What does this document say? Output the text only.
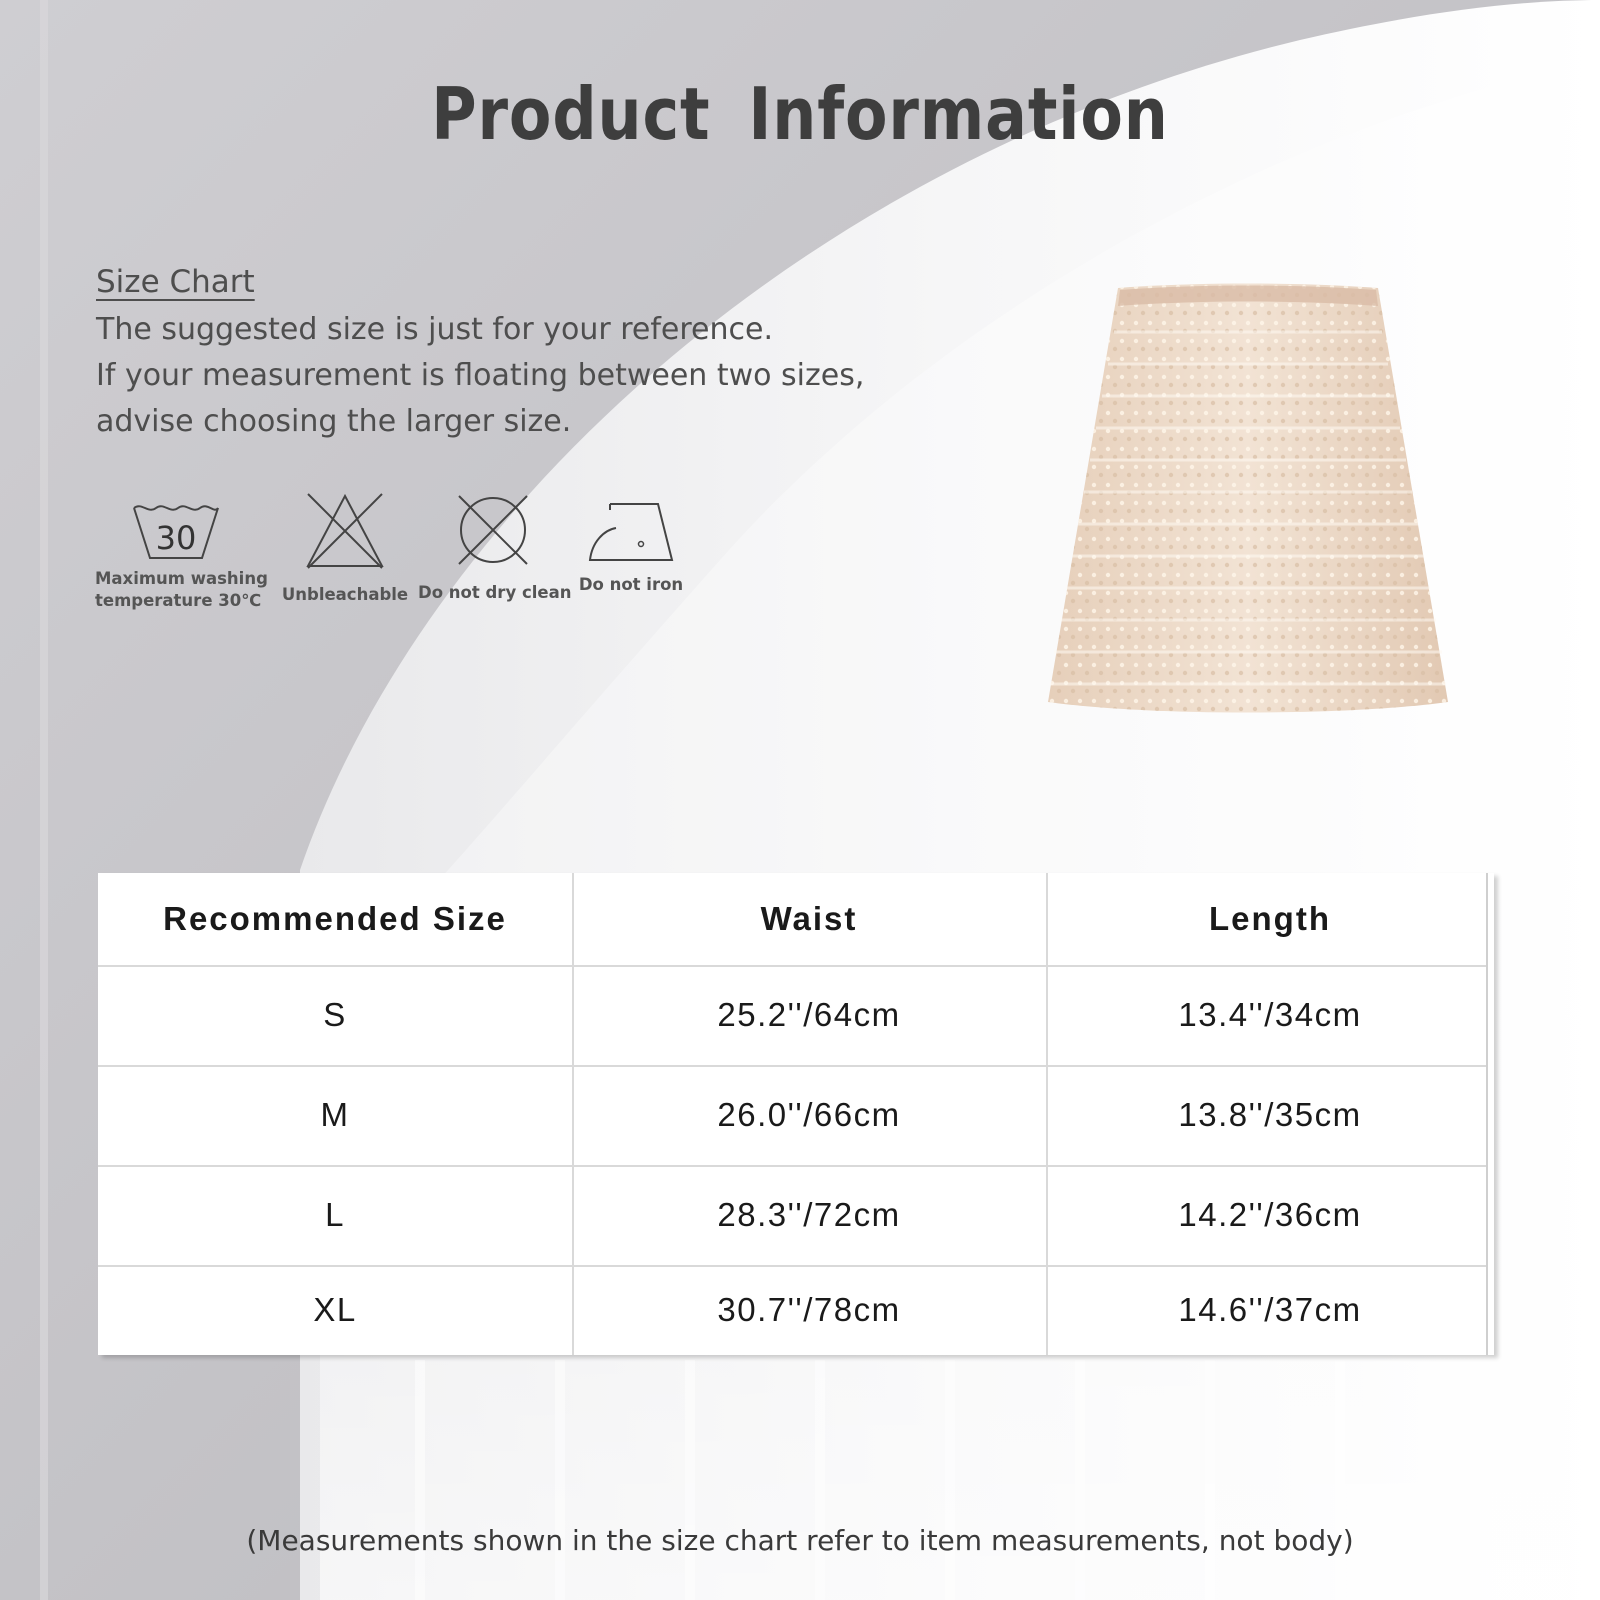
Product Information
Size Chart
The suggested size is just for your reference.
If your measurement is floating between two sizes,
advise choosing the larger size.
30
Maximum washing
temperature 30℃ Unbleachable Do not dry clean Do not iron
Recommended Size	Waist	Length
S	25.2''/64cm	13.4''/34cm
M	26.0''/66cm	13.8''/35cm
L	28.3''/72cm	14.2''/36cm
XL	30.7''/78cm	14.6''/37cm
(Measurements shown in the size chart refer to item measurements, not body)
